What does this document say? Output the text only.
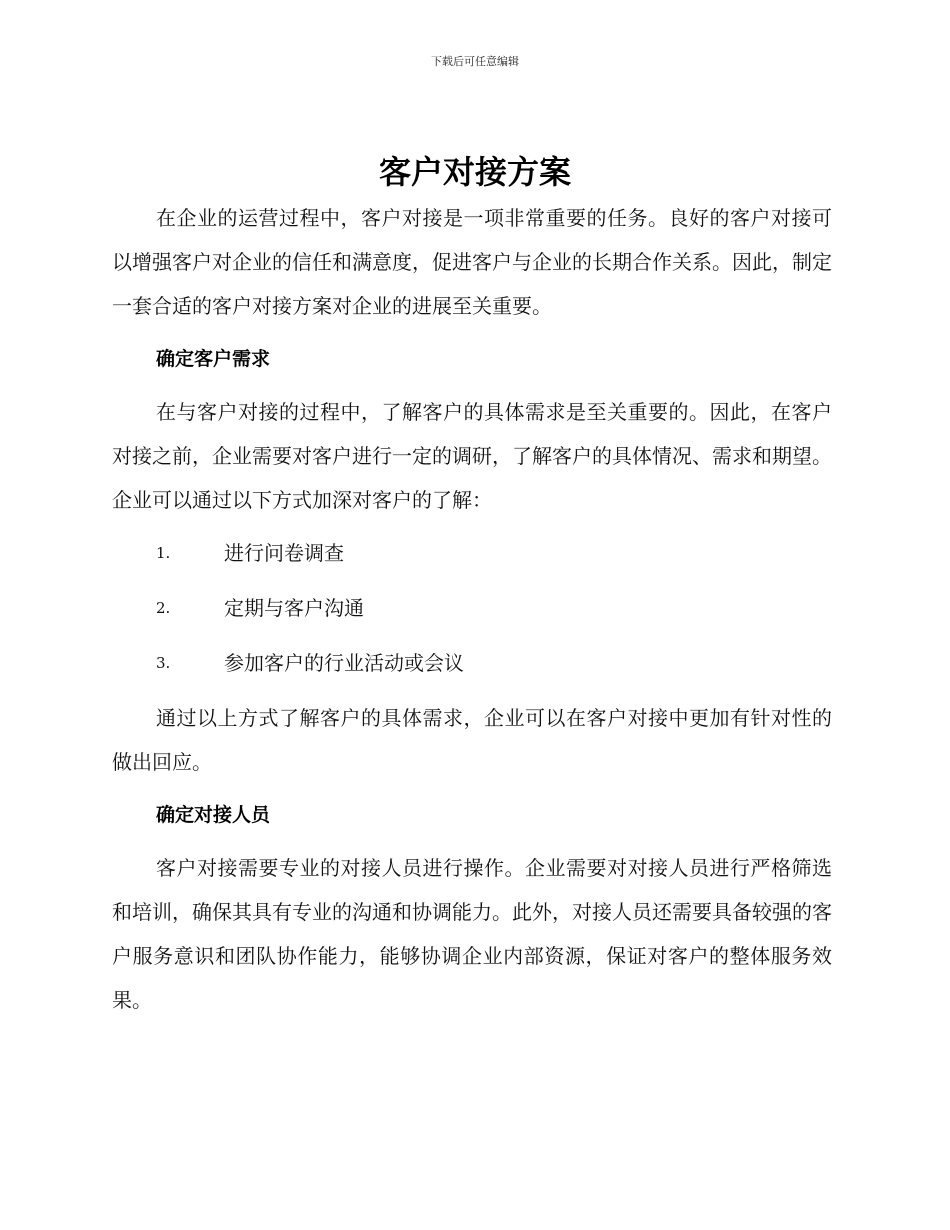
下载后可任意编辑
客户对接方案

在企业的运营过程中，客户对接是一项非常重要的任务。良好的客户对接可以增强客户对企业的信任和满意度，促进客户与企业的长期合作关系。因此，制定一套合适的客户对接方案对企业的进展至关重要。

确定客户需求

在与客户对接的过程中，了解客户的具体需求是至关重要的。因此，在客户对接之前，企业需要对客户进行一定的调研，了解客户的具体情况、需求和期望。企业可以通过以下方式加深对客户的了解：

1.	进行问卷调查
2.	定期与客户沟通
3.	参加客户的行业活动或会议

通过以上方式了解客户的具体需求，企业可以在客户对接中更加有针对性的做出回应。

确定对接人员

客户对接需要专业的对接人员进行操作。企业需要对对接人员进行严格筛选和培训，确保其具有专业的沟通和协调能力。此外，对接人员还需要具备较强的客户服务意识和团队协作能力，能够协调企业内部资源，保证对客户的整体服务效果。
